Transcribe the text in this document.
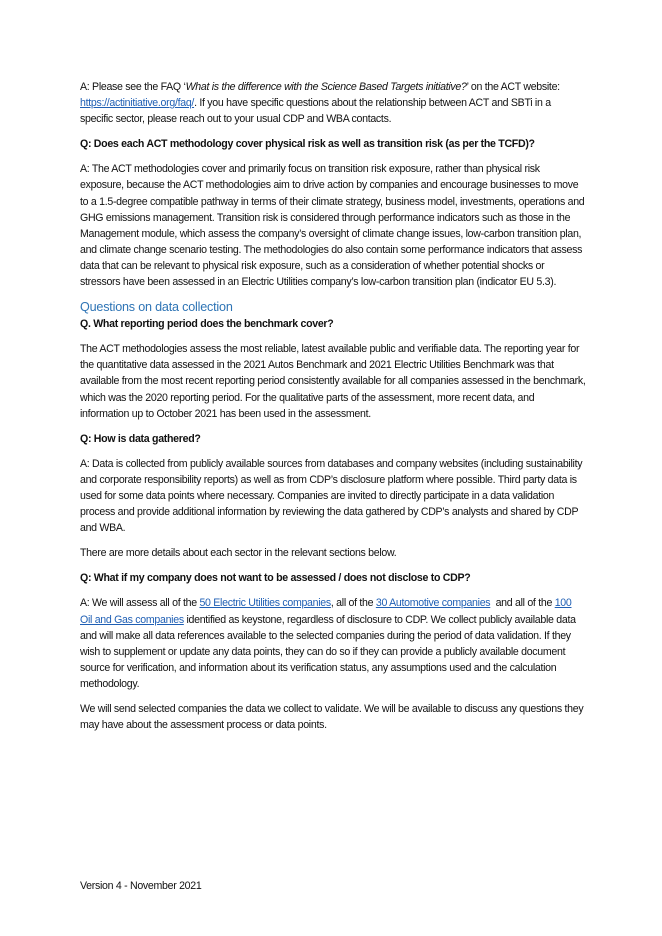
A: Please see the FAQ ‘What is the difference with the Science Based Targets initiative?’ on the ACT website: https://actinitiative.org/faq/. If you have specific questions about the relationship between ACT and SBTi in a specific sector, please reach out to your usual CDP and WBA contacts.

Q: Does each ACT methodology cover physical risk as well as transition risk (as per the TCFD)?

A: The ACT methodologies cover and primarily focus on transition risk exposure, rather than physical risk exposure, because the ACT methodologies aim to drive action by companies and encourage businesses to move to a 1.5-degree compatible pathway in terms of their climate strategy, business model, investments, operations and GHG emissions management. Transition risk is considered through performance indicators such as those in the Management module, which assess the company’s oversight of climate change issues, low-carbon transition plan, and climate change scenario testing. The methodologies do also contain some performance indicators that assess data that can be relevant to physical risk exposure, such as a consideration of whether potential shocks or stressors have been assessed in an Electric Utilities company’s low-carbon transition plan (indicator EU 5.3).

Questions on data collection

Q. What reporting period does the benchmark cover?

The ACT methodologies assess the most reliable, latest available public and verifiable data. The reporting year for the quantitative data assessed in the 2021 Autos Benchmark and 2021 Electric Utilities Benchmark was that available from the most recent reporting period consistently available for all companies assessed in the benchmark, which was the 2020 reporting period. For the qualitative parts of the assessment, more recent data, and information up to October 2021 has been used in the assessment.

Q: How is data gathered?

A: Data is collected from publicly available sources from databases and company websites (including sustainability and corporate responsibility reports) as well as from CDP’s disclosure platform where possible. Third party data is used for some data points where necessary. Companies are invited to directly participate in a data validation process and provide additional information by reviewing the data gathered by CDP’s analysts and shared by CDP and WBA.

There are more details about each sector in the relevant sections below.

Q: What if my company does not want to be assessed / does not disclose to CDP?

A: We will assess all of the 50 Electric Utilities companies, all of the 30 Automotive companies  and all of the 100 Oil and Gas companies identified as keystone, regardless of disclosure to CDP. We collect publicly available data and will make all data references available to the selected companies during the period of data validation. If they wish to supplement or update any data points, they can do so if they can provide a publicly available document source for verification, and information about its verification status, any assumptions used and the calculation methodology.

We will send selected companies the data we collect to validate. We will be available to discuss any questions they may have about the assessment process or data points.

Version 4 - November 2021
